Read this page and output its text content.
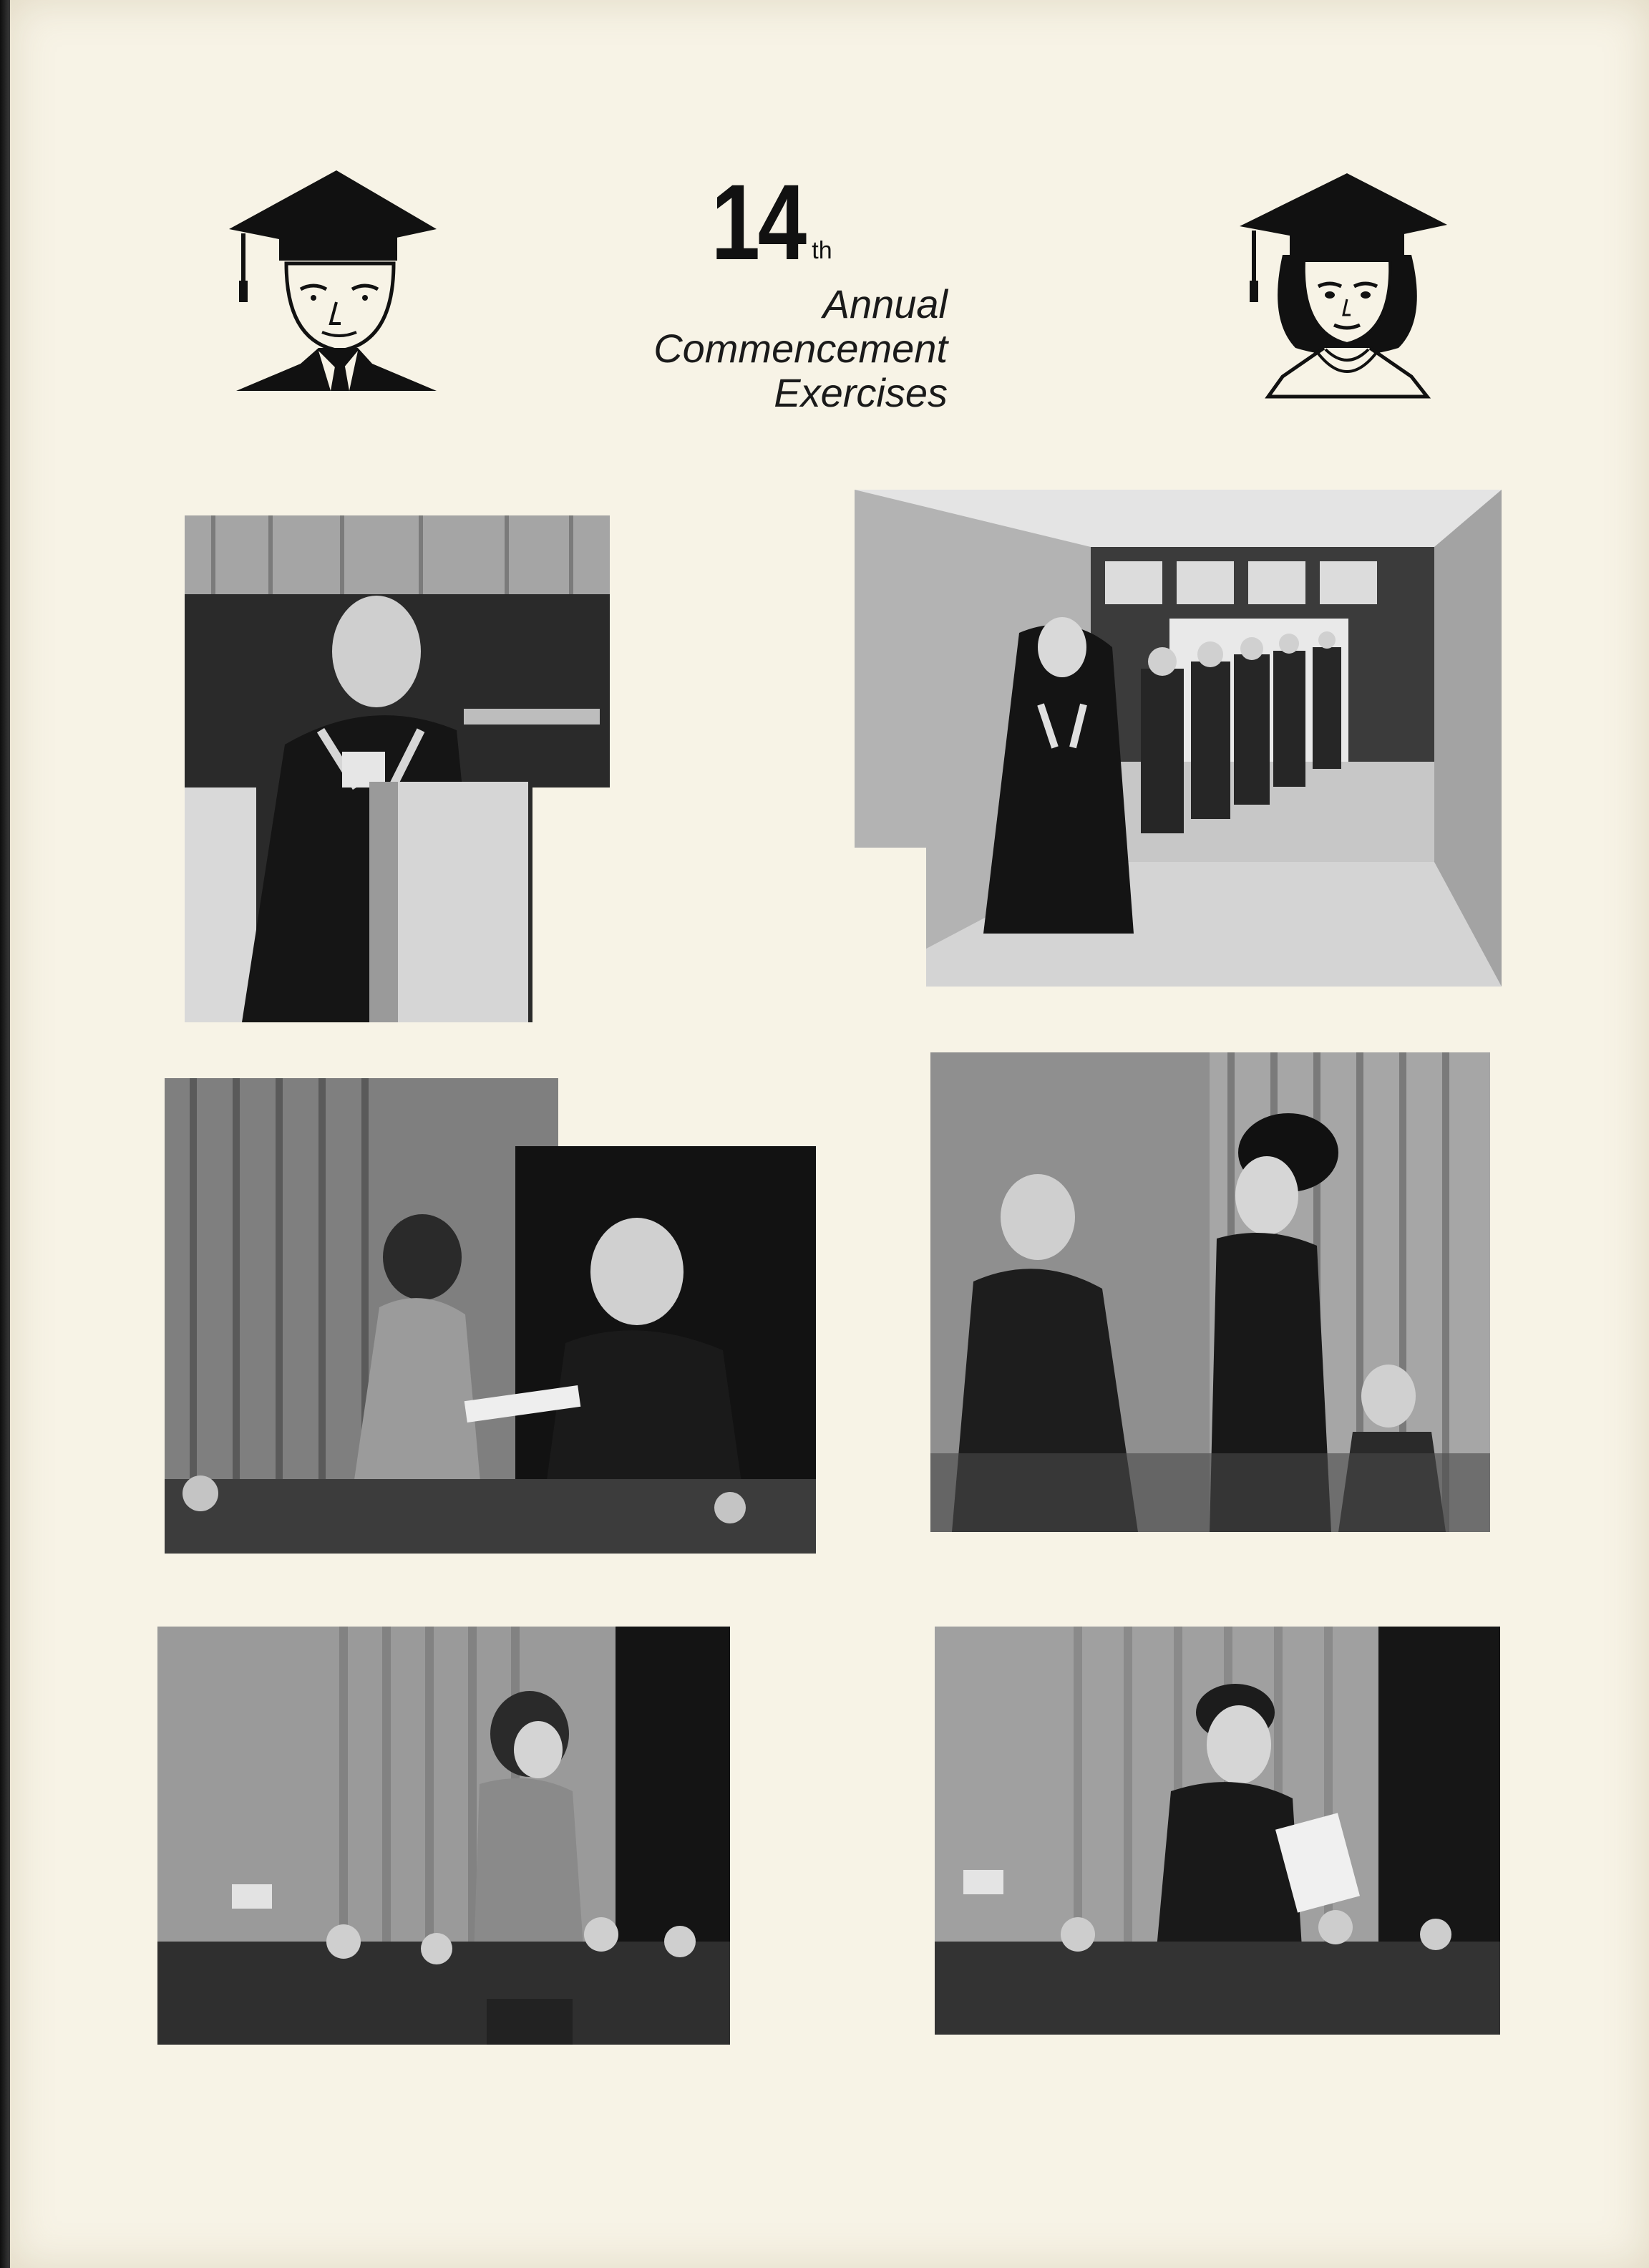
14 th
Annual
Commencement
Exercises
